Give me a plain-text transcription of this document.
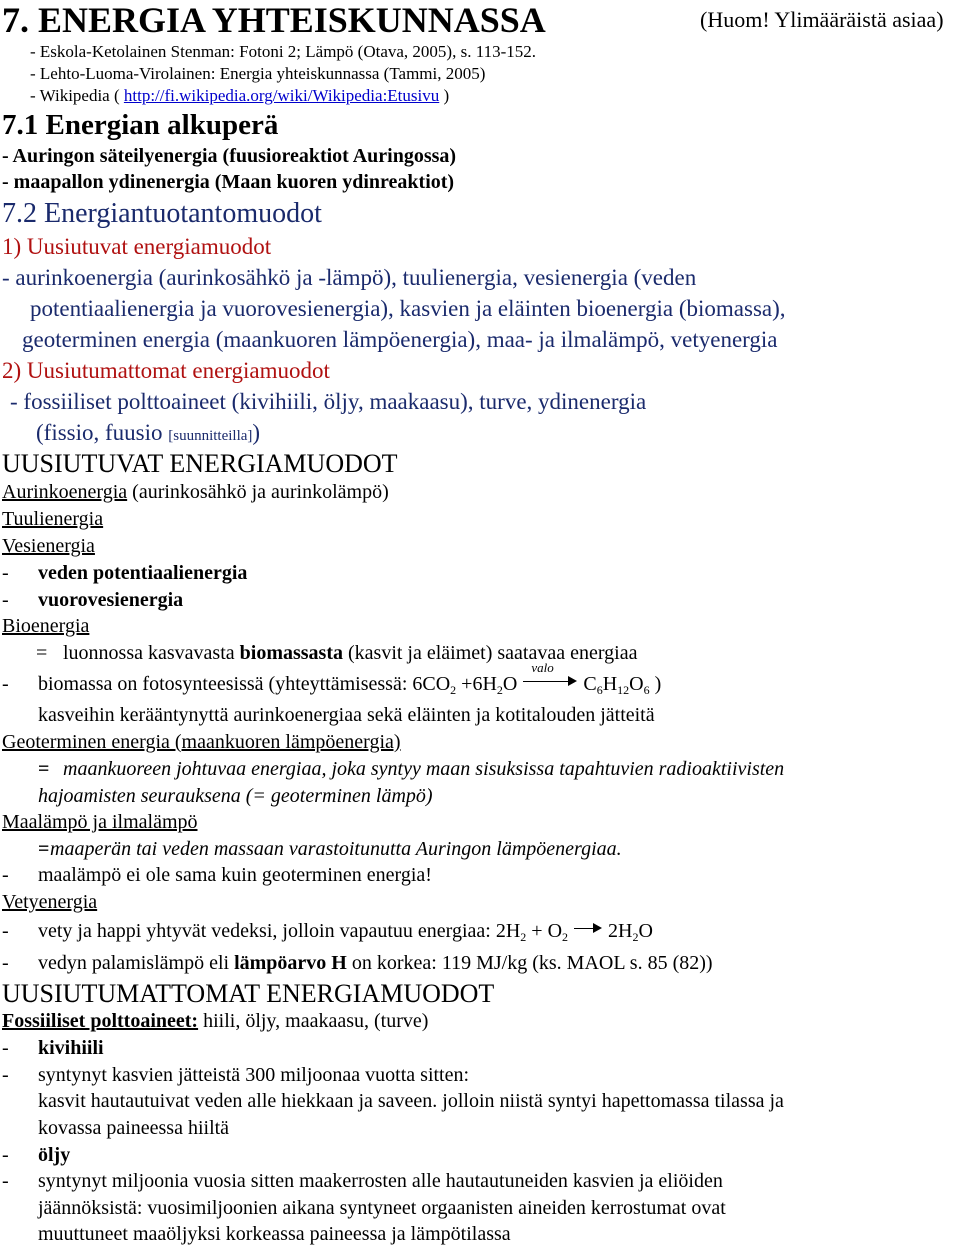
7. ENERGIA YHTEISKUNNASSA	(Huom! Ylimääräistä asiaa)
- Eskola-Ketolainen Stenman: Fotoni 2; Lämpö (Otava, 2005), s. 113-152.
- Lehto-Luoma-Virolainen: Energia yhteiskunnassa (Tammi, 2005)
- Wikipedia ( http://fi.wikipedia.org/wiki/Wikipedia:Etusivu )
7.1 Energian alkuperä
- Auringon säteilyenergia (fuusioreaktiot Auringossa)
- maapallon ydinenergia (Maan kuoren ydinreaktiot)
7.2 Energiantuotantomuodot
1) Uusiutuvat energiamuodot
- aurinkoenergia (aurinkosähkö ja -lämpö), tuulienergia, vesienergia (veden
potentiaalienergia ja vuorovesienergia), kasvien ja eläinten bioenergia (biomassa),
geoterminen energia (maankuoren lämpöenergia), maa- ja ilmalämpö, vetyenergia
2) Uusiutumattomat energiamuodot
- fossiiliset polttoaineet (kivihiili, öljy, maakaasu), turve, ydinenergia
(fissio, fuusio [suunnitteilla])
UUSIUTUVAT ENERGIAMUODOT
Aurinkoenergia (aurinkosähkö ja aurinkolämpö)
Tuulienergia
Vesienergia
- veden potentiaalienergia
- vuorovesienergia
Bioenergia
= luonnossa kasvavasta biomassasta (kasvit ja eläimet) saatavaa energiaa
- biomassa on fotosynteesissä (yhteyttämisessä: $6CO_2 +6H_2O$
valo
$C_6H_{12}O_6$ )
kasveihin kerääntynyttä aurinkoenergiaa sekä eläinten ja kotitalouden jätteitä
Geoterminen energia (maankuoren lämpöenergia)
= maankuoreen johtuvaa energiaa, joka syntyy maan sisuksissa tapahtuvien radioaktiivisten
hajoamisten seurauksena (= geoterminen lämpö)
Maalämpö ja ilmalämpö
= maaperän tai veden massaan varastoitunutta Auringon lämpöenergiaa.
- maalämpö ei ole sama kuin geoterminen energia!
Vetyenergia
- vety ja happi yhtyvät vedeksi, jolloin vapautuu energiaa: $2H_2 + O_2$ $2H_2O$
- vedyn palamislämpö eli lämpöarvo H on korkea: 119 MJ/kg (ks. MAOL s. 85 (82))
UUSIUTUMATTOMAT ENERGIAMUODOT
Fossiiliset polttoaineet: hiili, öljy, maakaasu, (turve)
- kivihiili
- syntynyt kasvien jätteistä 300 miljoonaa vuotta sitten:
kasvit hautautuivat veden alle hiekkaan ja saveen. jolloin niistä syntyi hapettomassa tilassa ja
kovassa paineessa hiiltä
- öljy
- syntynyt miljoonia vuosia sitten maakerrosten alle hautautuneiden kasvien ja eliöiden
jäännöksistä: vuosimiljoonien aikana syntyneet orgaanisten aineiden kerrostumat ovat
muuttuneet maaöljyksi korkeassa paineessa ja lämpötilassa
